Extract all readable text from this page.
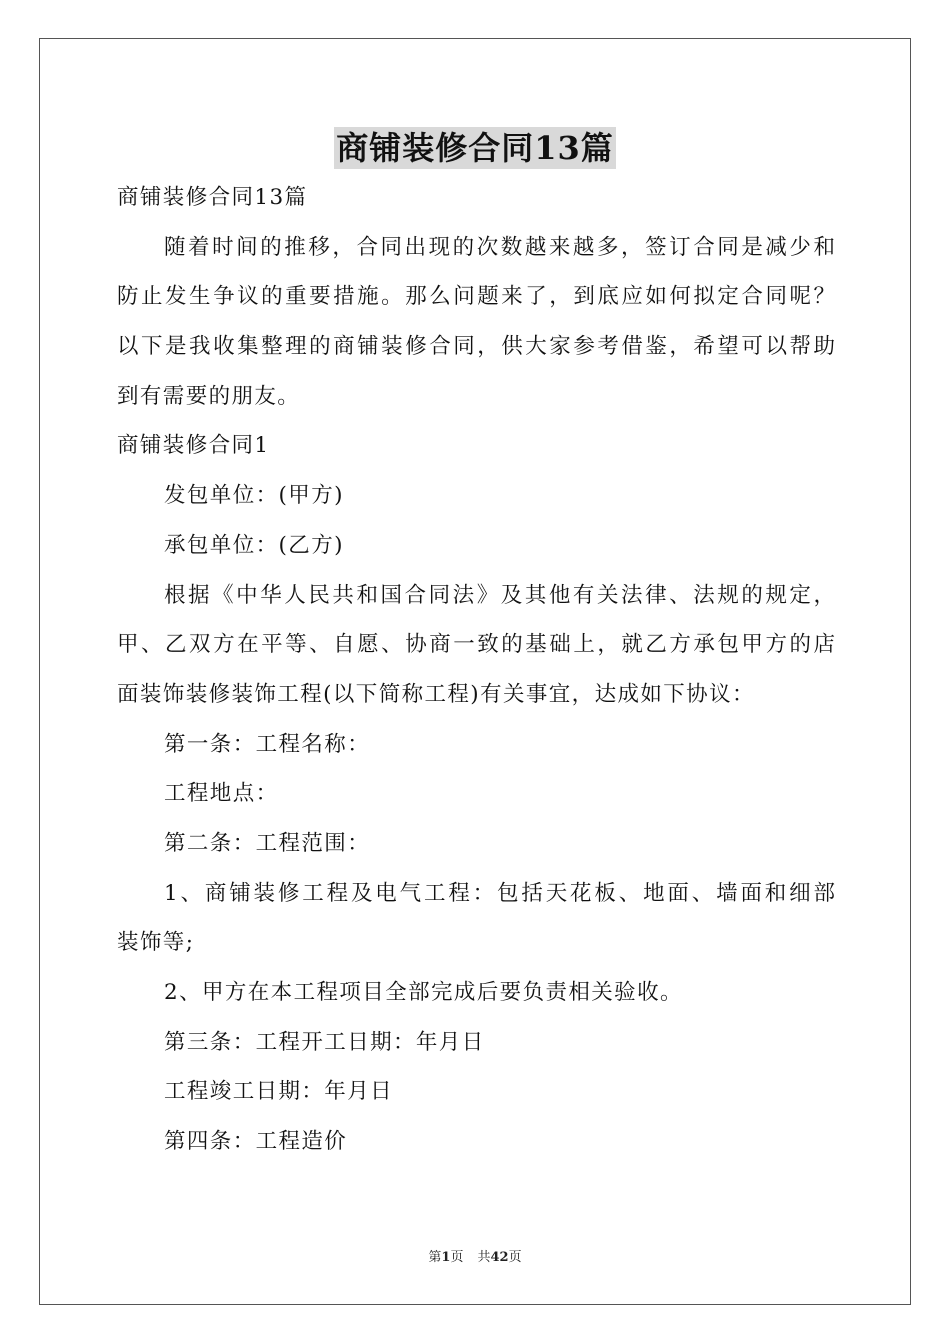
商铺装修合同13篇
商铺装修合同13篇
随着时间的推移，合同出现的次数越来越多，签订合同是减少和
防止发生争议的重要措施。那么问题来了，到底应如何拟定合同呢？
以下是我收集整理的商铺装修合同，供大家参考借鉴，希望可以帮助
到有需要的朋友。
商铺装修合同1
发包单位：(甲方)
承包单位：(乙方)
根据《中华人民共和国合同法》及其他有关法律、法规的规定，
甲、乙双方在平等、自愿、协商一致的基础上，就乙方承包甲方的店
面装饰装修装饰工程(以下简称工程)有关事宜，达成如下协议：
第一条：工程名称：
工程地点：
第二条：工程范围：
1、商铺装修工程及电气工程：包括天花板、地面、墙面和细部
装饰等;
2、甲方在本工程项目全部完成后要负责相关验收。
第三条：工程开工日期：年月日
工程竣工日期：年月日
第四条：工程造价
第1页 共42页
